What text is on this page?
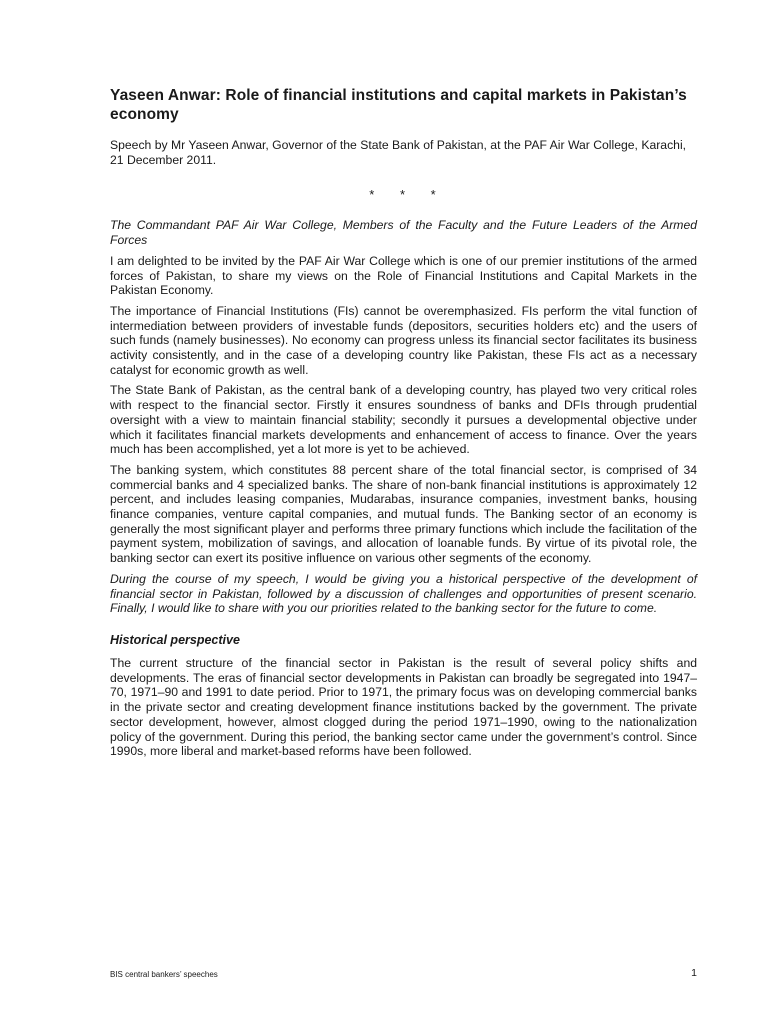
Yaseen Anwar: Role of financial institutions and capital markets in Pakistan’s economy

Speech by Mr Yaseen Anwar, Governor of the State Bank of Pakistan, at the PAF Air War College, Karachi, 21 December 2011.

* * *

The Commandant PAF Air War College, Members of the Faculty and the Future Leaders of the Armed Forces

I am delighted to be invited by the PAF Air War College which is one of our premier institutions of the armed forces of Pakistan, to share my views on the Role of Financial Institutions and Capital Markets in the Pakistan Economy.

The importance of Financial Institutions (FIs) cannot be overemphasized. FIs perform the vital function of intermediation between providers of investable funds (depositors, securities holders etc) and the users of such funds (namely businesses). No economy can progress unless its financial sector facilitates its business activity consistently, and in the case of a developing country like Pakistan, these FIs act as a necessary catalyst for economic growth as well.

The State Bank of Pakistan, as the central bank of a developing country, has played two very critical roles with respect to the financial sector. Firstly it ensures soundness of banks and DFIs through prudential oversight with a view to maintain financial stability; secondly it pursues a developmental objective under which it facilitates financial markets developments and enhancement of access to finance. Over the years much has been accomplished, yet a lot more is yet to be achieved.

The banking system, which constitutes 88 percent share of the total financial sector, is comprised of 34 commercial banks and 4 specialized banks. The share of non-bank financial institutions is approximately 12 percent, and includes leasing companies, Mudarabas, insurance companies, investment banks, housing finance companies, venture capital companies, and mutual funds. The Banking sector of an economy is generally the most significant player and performs three primary functions which include the facilitation of the payment system, mobilization of savings, and allocation of loanable funds. By virtue of its pivotal role, the banking sector can exert its positive influence on various other segments of the economy.

During the course of my speech, I would be giving you a historical perspective of the development of financial sector in Pakistan, followed by a discussion of challenges and opportunities of present scenario. Finally, I would like to share with you our priorities related to the banking sector for the future to come.

Historical perspective

The current structure of the financial sector in Pakistan is the result of several policy shifts and developments. The eras of financial sector developments in Pakistan can broadly be segregated into 1947–70, 1971–90 and 1991 to date period. Prior to 1971, the primary focus was on developing commercial banks in the private sector and creating development finance institutions backed by the government. The private sector development, however, almost clogged during the period 1971–1990, owing to the nationalization policy of the government. During this period, the banking sector came under the government’s control. Since 1990s, more liberal and market-based reforms have been followed.

BIS central bankers’ speeches	1
